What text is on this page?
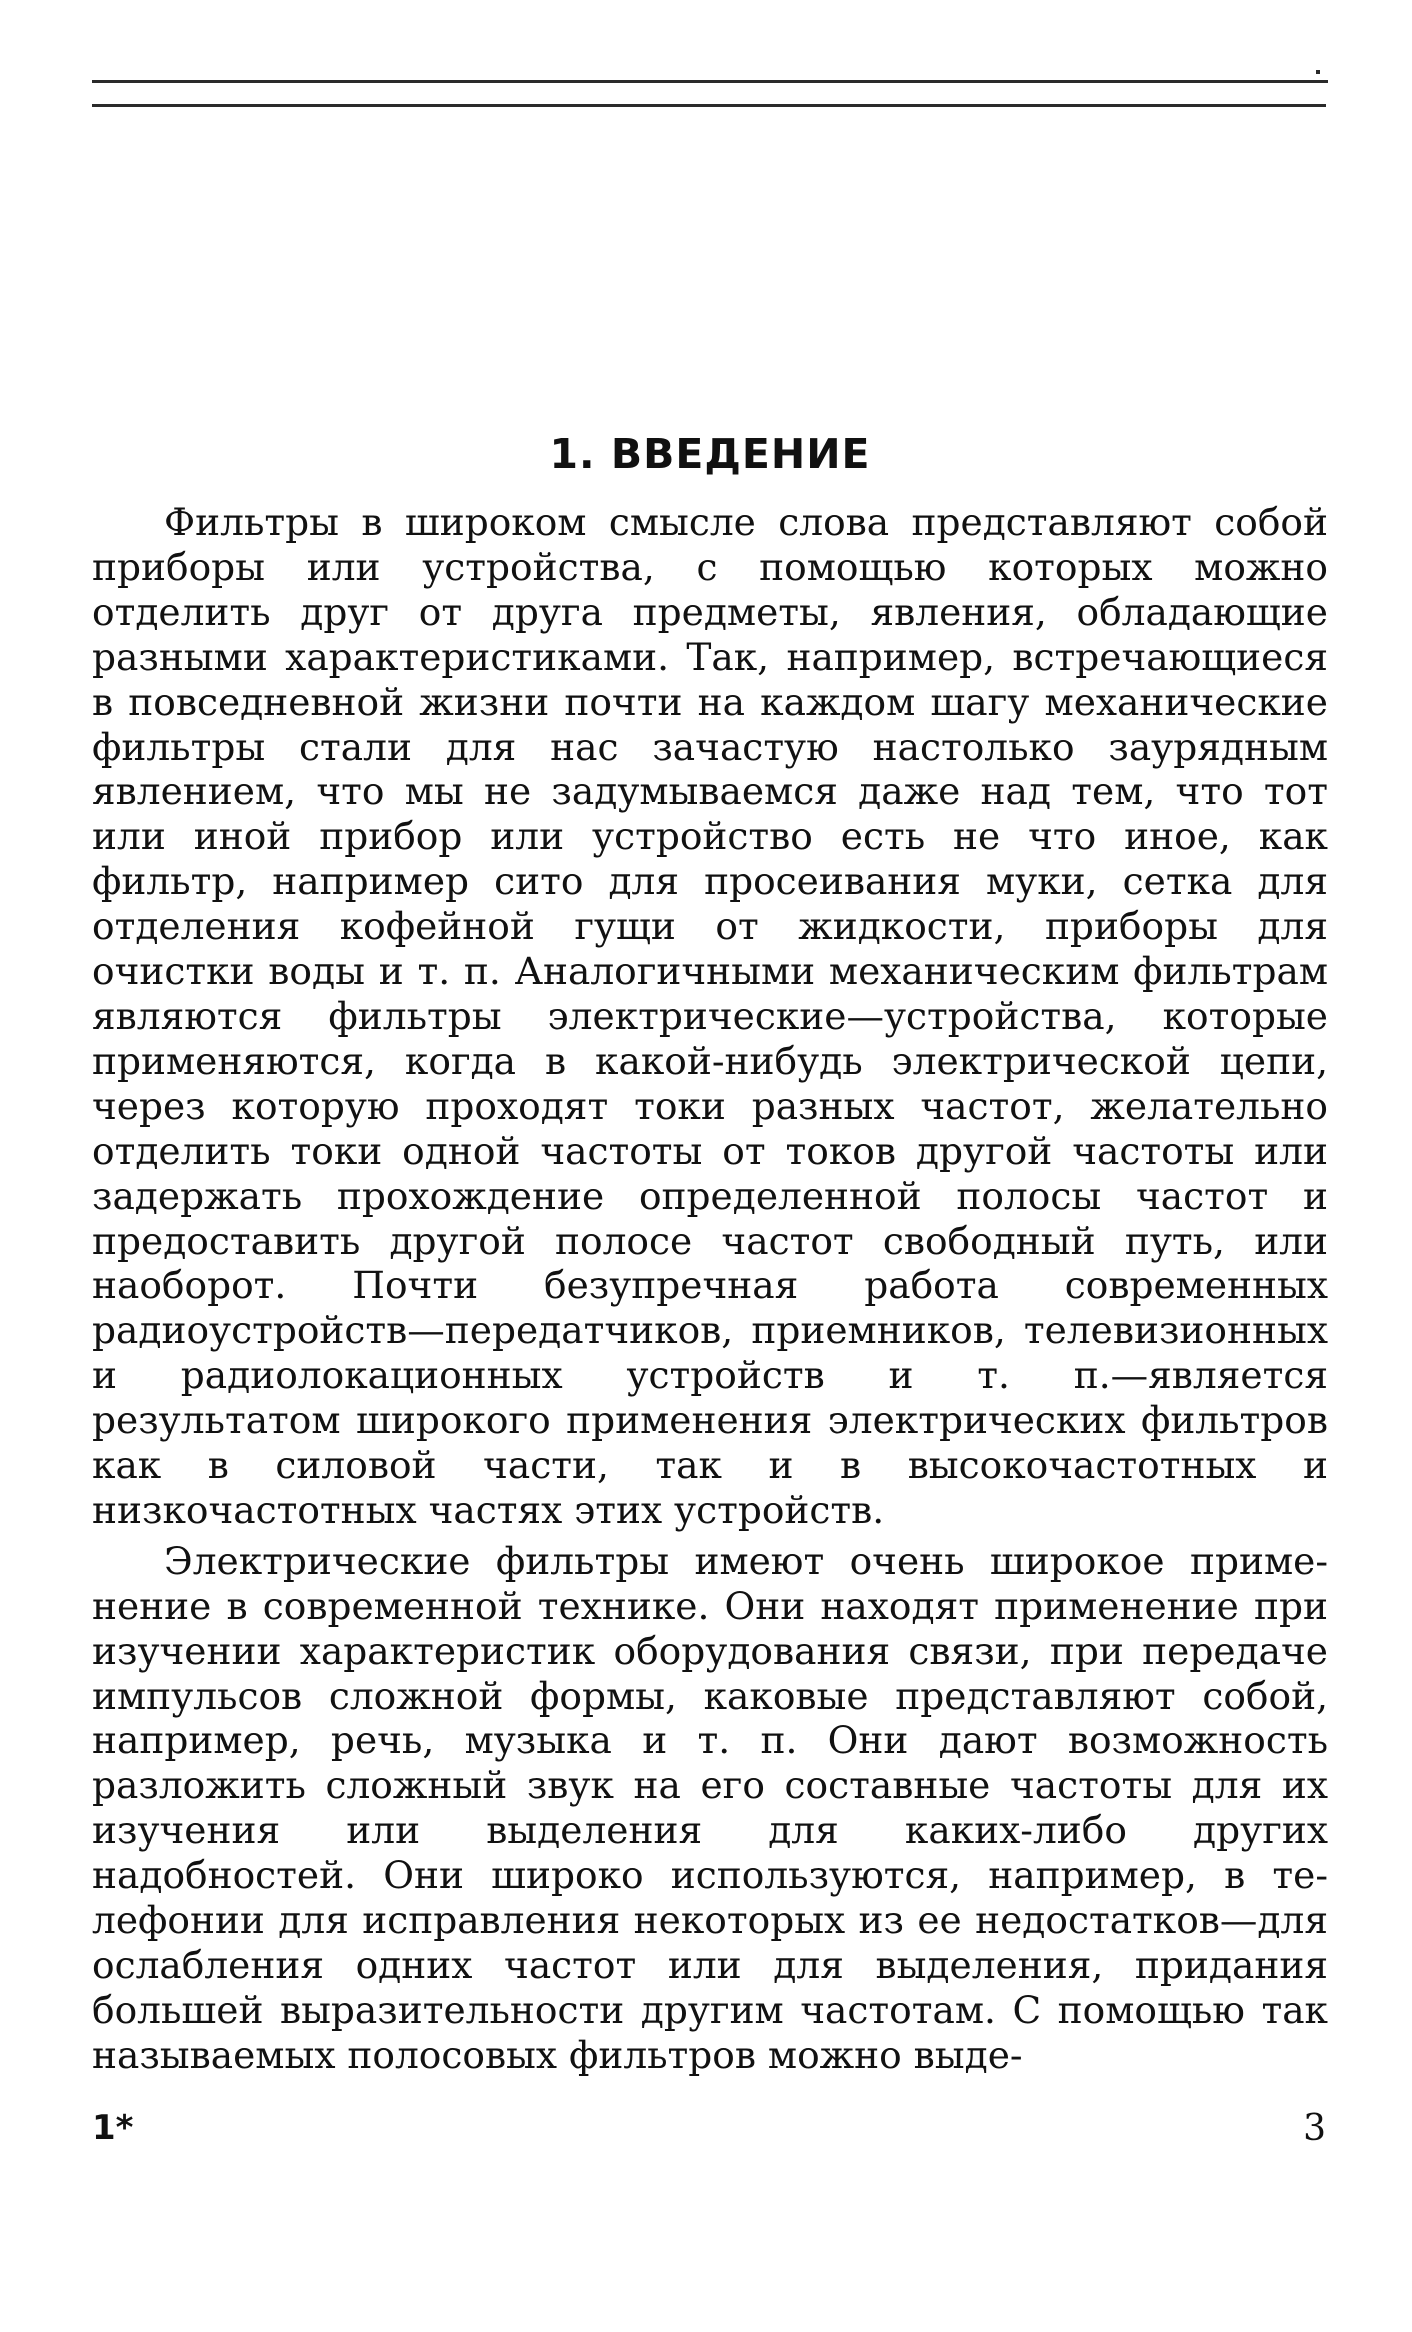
1. ВВЕДЕНИЕ

Фильтры в широком смысле слова представляют собой приборы или устройства, с помощью которых можно отделить друг от друга предметы, явления, обладающие разными характеристиками. Так, например, встречающиеся в повседневной жизни почти на каждом шагу механические фильтры стали для нас зачастую настолько заурядным явлением, что мы не задумываемся даже над тем, что тот или иной прибор или устройство есть не что иное, как фильтр, например сито для просеивания муки, сетка для отделения кофейной гущи от жидкости, приборы для очистки воды и т. п. Аналогичными механическим фильтрам являются фильтры электрические—устройства, которые применяются, когда в какой-нибудь электрической цепи, через которую проходят токи разных частот, желательно отделить токи одной частоты от токов другой частоты или задержать прохождение определенной полосы частот и предоставить другой полосе частот свободный путь, или наоборот. Почти безупречная работа современных радиоустройств—передатчиков, приемников, телевизионных и радиолокационных устройств и т. п.—является результатом широкого применения электрических фильтров как в силовой части, так и в высокочастотных и низкочастотных частях этих устройств.

Электрические фильтры имеют очень широкое применение в современной технике. Они находят применение при изучении характеристик оборудования связи, при передаче импульсов сложной формы, каковые представляют собой, например, речь, музыка и т. п. Они дают возможность разложить сложный звук на его составные частоты для их изучения или выделения для каких-либо других надобностей. Они широко используются, например, в телефонии для исправления некоторых из ее недостатков—для ослабления одних частот или для выделения, придания большей выразительности другим частотам. С помощью так называемых полосовых фильтров можно выде-

1*	3
